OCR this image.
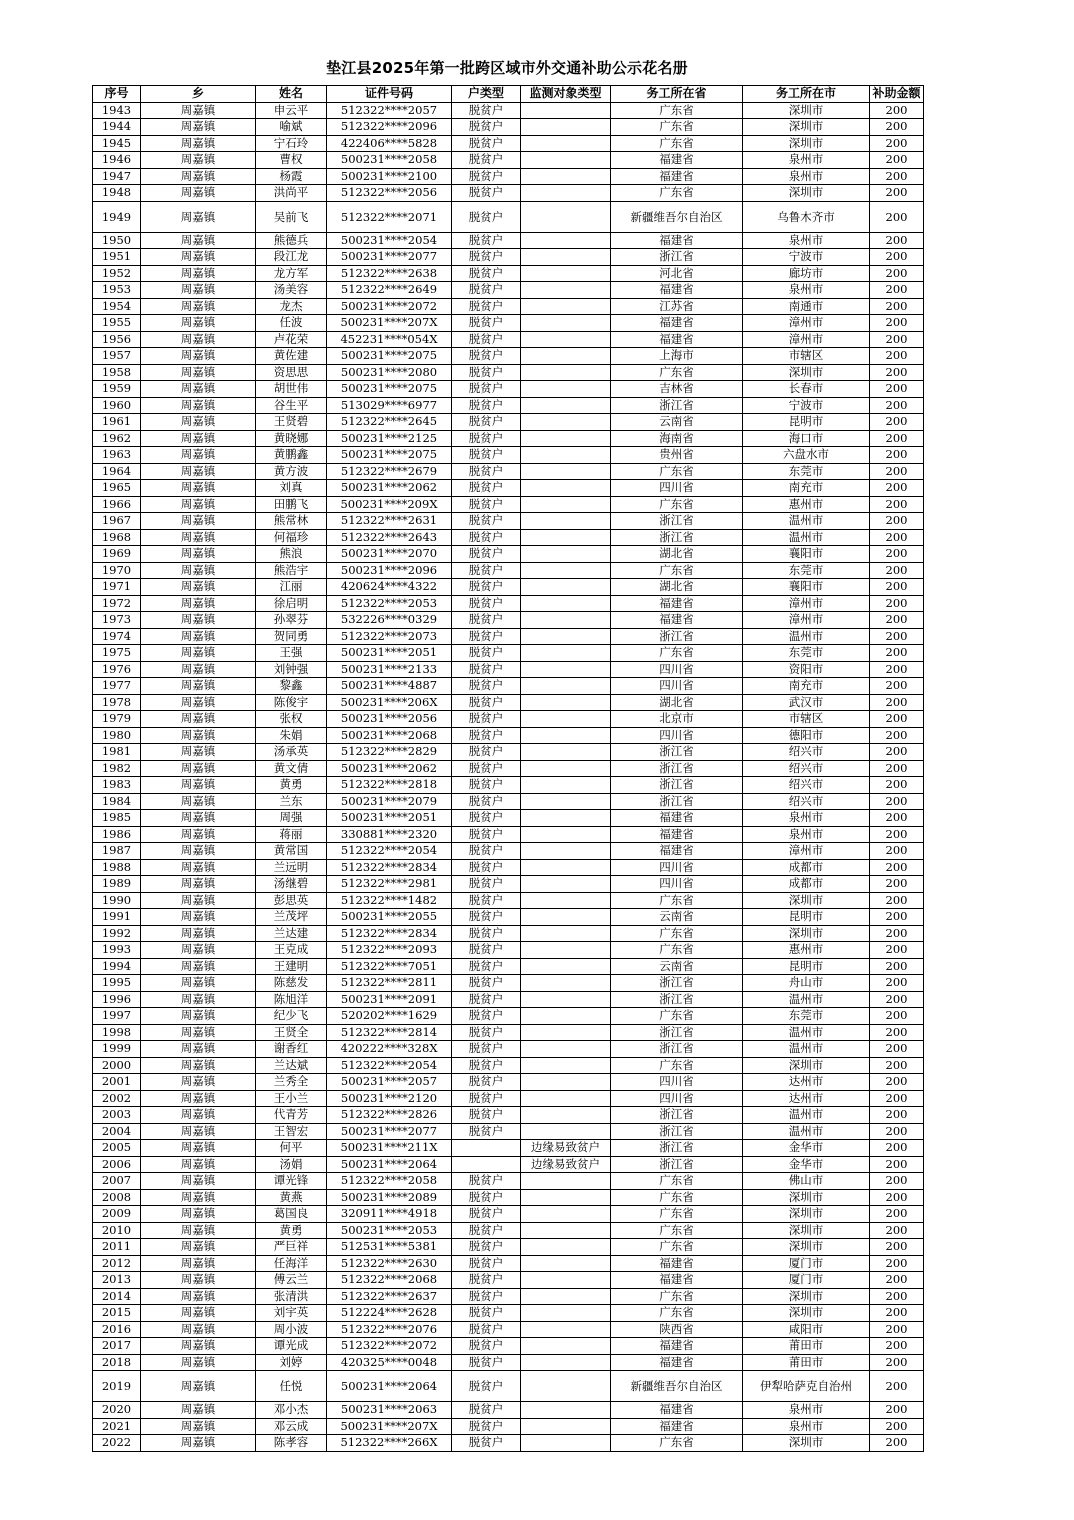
垫江县2025年第一批跨区域市外交通补助公示花名册
序号	乡	姓名	证件号码	户类型	监测对象类型	务工所在省	务工所在市	补助金额
1943	周嘉镇	申云平	512322****2057	脱贫户		广东省	深圳市	200
1944	周嘉镇	喻斌	512322****2096	脱贫户		广东省	深圳市	200
1945	周嘉镇	宁石玲	422406****5828	脱贫户		广东省	深圳市	200
1946	周嘉镇	曹权	500231****2058	脱贫户		福建省	泉州市	200
1947	周嘉镇	杨霞	500231****2100	脱贫户		福建省	泉州市	200
1948	周嘉镇	洪尚平	512322****2056	脱贫户		广东省	深圳市	200
1949	周嘉镇	吴前飞	512322****2071	脱贫户		新疆维吾尔自治区	乌鲁木齐市	200
1950	周嘉镇	熊德兵	500231****2054	脱贫户		福建省	泉州市	200
1951	周嘉镇	段江龙	500231****2077	脱贫户		浙江省	宁波市	200
1952	周嘉镇	龙方军	512322****2638	脱贫户		河北省	廊坊市	200
1953	周嘉镇	汤美容	512322****2649	脱贫户		福建省	泉州市	200
1954	周嘉镇	龙杰	500231****2072	脱贫户		江苏省	南通市	200
1955	周嘉镇	任波	500231****207X	脱贫户		福建省	漳州市	200
1956	周嘉镇	卢花荣	452231****054X	脱贫户		福建省	漳州市	200
1957	周嘉镇	黄佐建	500231****2075	脱贫户		上海市	市辖区	200
1958	周嘉镇	资思思	500231****2080	脱贫户		广东省	深圳市	200
1959	周嘉镇	胡世伟	500231****2075	脱贫户		吉林省	长春市	200
1960	周嘉镇	谷生平	513029****6977	脱贫户		浙江省	宁波市	200
1961	周嘉镇	王贤碧	512322****2645	脱贫户		云南省	昆明市	200
1962	周嘉镇	黄晓娜	500231****2125	脱贫户		海南省	海口市	200
1963	周嘉镇	黄鹏鑫	500231****2075	脱贫户		贵州省	六盘水市	200
1964	周嘉镇	黄方波	512322****2679	脱贫户		广东省	东莞市	200
1965	周嘉镇	刘真	500231****2062	脱贫户		四川省	南充市	200
1966	周嘉镇	田鹏飞	500231****209X	脱贫户		广东省	惠州市	200
1967	周嘉镇	熊常林	512322****2631	脱贫户		浙江省	温州市	200
1968	周嘉镇	何福珍	512322****2643	脱贫户		浙江省	温州市	200
1969	周嘉镇	熊浪	500231****2070	脱贫户		湖北省	襄阳市	200
1970	周嘉镇	熊浩宇	500231****2096	脱贫户		广东省	东莞市	200
1971	周嘉镇	江丽	420624****4322	脱贫户		湖北省	襄阳市	200
1972	周嘉镇	徐启明	512322****2053	脱贫户		福建省	漳州市	200
1973	周嘉镇	孙翠芬	532226****0329	脱贫户		福建省	漳州市	200
1974	周嘉镇	贺同勇	512322****2073	脱贫户		浙江省	温州市	200
1975	周嘉镇	王强	500231****2051	脱贫户		广东省	东莞市	200
1976	周嘉镇	刘钟强	500231****2133	脱贫户		四川省	资阳市	200
1977	周嘉镇	黎鑫	500231****4887	脱贫户		四川省	南充市	200
1978	周嘉镇	陈俊宇	500231****206X	脱贫户		湖北省	武汉市	200
1979	周嘉镇	张权	500231****2056	脱贫户		北京市	市辖区	200
1980	周嘉镇	朱娟	500231****2068	脱贫户		四川省	德阳市	200
1981	周嘉镇	汤承英	512322****2829	脱贫户		浙江省	绍兴市	200
1982	周嘉镇	黄文倩	500231****2062	脱贫户		浙江省	绍兴市	200
1983	周嘉镇	黄勇	512322****2818	脱贫户		浙江省	绍兴市	200
1984	周嘉镇	兰东	500231****2079	脱贫户		浙江省	绍兴市	200
1985	周嘉镇	周强	500231****2051	脱贫户		福建省	泉州市	200
1986	周嘉镇	蒋丽	330881****2320	脱贫户		福建省	泉州市	200
1987	周嘉镇	黄常国	512322****2054	脱贫户		福建省	漳州市	200
1988	周嘉镇	兰远明	512322****2834	脱贫户		四川省	成都市	200
1989	周嘉镇	汤继碧	512322****2981	脱贫户		四川省	成都市	200
1990	周嘉镇	彭思英	512322****1482	脱贫户		广东省	深圳市	200
1991	周嘉镇	兰茂坪	500231****2055	脱贫户		云南省	昆明市	200
1992	周嘉镇	兰达建	512322****2834	脱贫户		广东省	深圳市	200
1993	周嘉镇	王克成	512322****2093	脱贫户		广东省	惠州市	200
1994	周嘉镇	王建明	512322****7051	脱贫户		云南省	昆明市	200
1995	周嘉镇	陈慈发	512322****2811	脱贫户		浙江省	舟山市	200
1996	周嘉镇	陈旭洋	500231****2091	脱贫户		浙江省	温州市	200
1997	周嘉镇	纪少飞	520202****1629	脱贫户		广东省	东莞市	200
1998	周嘉镇	王贤全	512322****2814	脱贫户		浙江省	温州市	200
1999	周嘉镇	谢香红	420222****328X	脱贫户		浙江省	温州市	200
2000	周嘉镇	兰达斌	512322****2054	脱贫户		广东省	深圳市	200
2001	周嘉镇	兰秀全	500231****2057	脱贫户		四川省	达州市	200
2002	周嘉镇	王小兰	500231****2120	脱贫户		四川省	达州市	200
2003	周嘉镇	代青芳	512322****2826	脱贫户		浙江省	温州市	200
2004	周嘉镇	王智宏	500231****2077	脱贫户		浙江省	温州市	200
2005	周嘉镇	何平	500231****211X		边缘易致贫户	浙江省	金华市	200
2006	周嘉镇	汤娟	500231****2064		边缘易致贫户	浙江省	金华市	200
2007	周嘉镇	谭光锋	512322****2058	脱贫户		广东省	佛山市	200
2008	周嘉镇	黄燕	500231****2089	脱贫户		广东省	深圳市	200
2009	周嘉镇	葛国良	320911****4918	脱贫户		广东省	深圳市	200
2010	周嘉镇	黄勇	500231****2053	脱贫户		广东省	深圳市	200
2011	周嘉镇	严巨祥	512531****5381	脱贫户		广东省	深圳市	200
2012	周嘉镇	任海洋	512322****2630	脱贫户		福建省	厦门市	200
2013	周嘉镇	傅云兰	512322****2068	脱贫户		福建省	厦门市	200
2014	周嘉镇	张清洪	512322****2637	脱贫户		广东省	深圳市	200
2015	周嘉镇	刘宇英	512224****2628	脱贫户		广东省	深圳市	200
2016	周嘉镇	周小波	512322****2076	脱贫户		陕西省	咸阳市	200
2017	周嘉镇	谭光成	512322****2072	脱贫户		福建省	莆田市	200
2018	周嘉镇	刘婷	420325****0048	脱贫户		福建省	莆田市	200
2019	周嘉镇	任悦	500231****2064	脱贫户		新疆维吾尔自治区	伊犁哈萨克自治州	200
2020	周嘉镇	邓小杰	500231****2063	脱贫户		福建省	泉州市	200
2021	周嘉镇	邓云成	500231****207X	脱贫户		福建省	泉州市	200
2022	周嘉镇	陈孝容	512322****266X	脱贫户		广东省	深圳市	200
